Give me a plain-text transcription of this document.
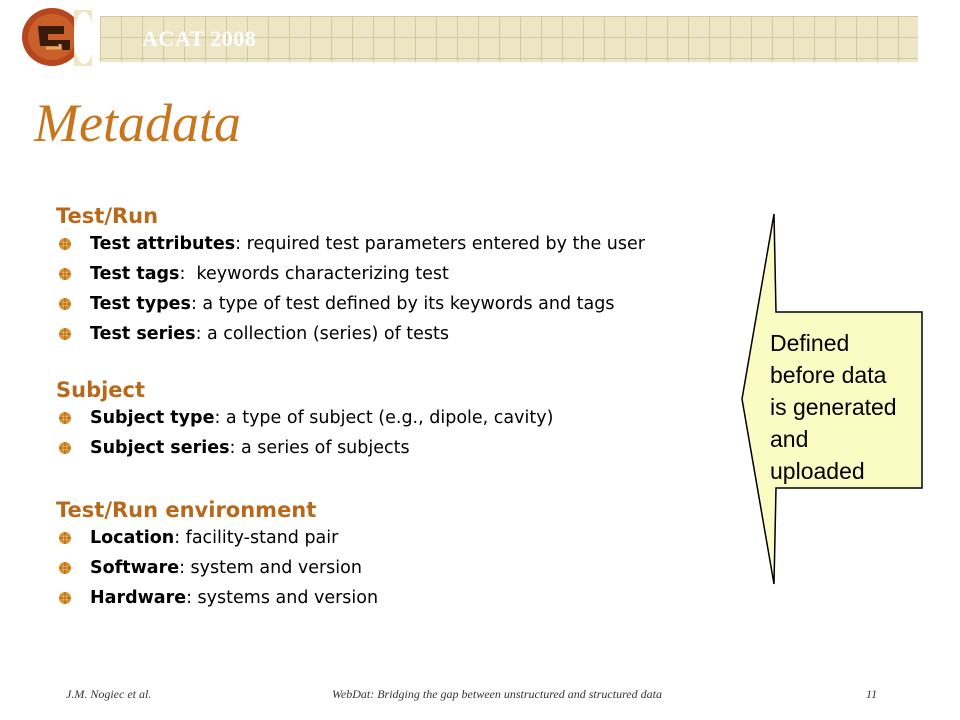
ACAT 2008
Metadata
Test/Run
Test attributes: required test parameters entered by the user
Test tags:  keywords characterizing test
Test types: a type of test defined by its keywords and tags
Test series: a collection (series) of tests
Subject
Subject type: a type of subject (e.g., dipole, cavity)
Subject series: a series of subjects
Test/Run environment
Location: facility-stand pair
Software: system and version
Hardware: systems and version
Defined
before data
is generated
and
uploaded
J.M. Nogiec et al.	WebDat: Bridging the gap between unstructured and structured data	11
